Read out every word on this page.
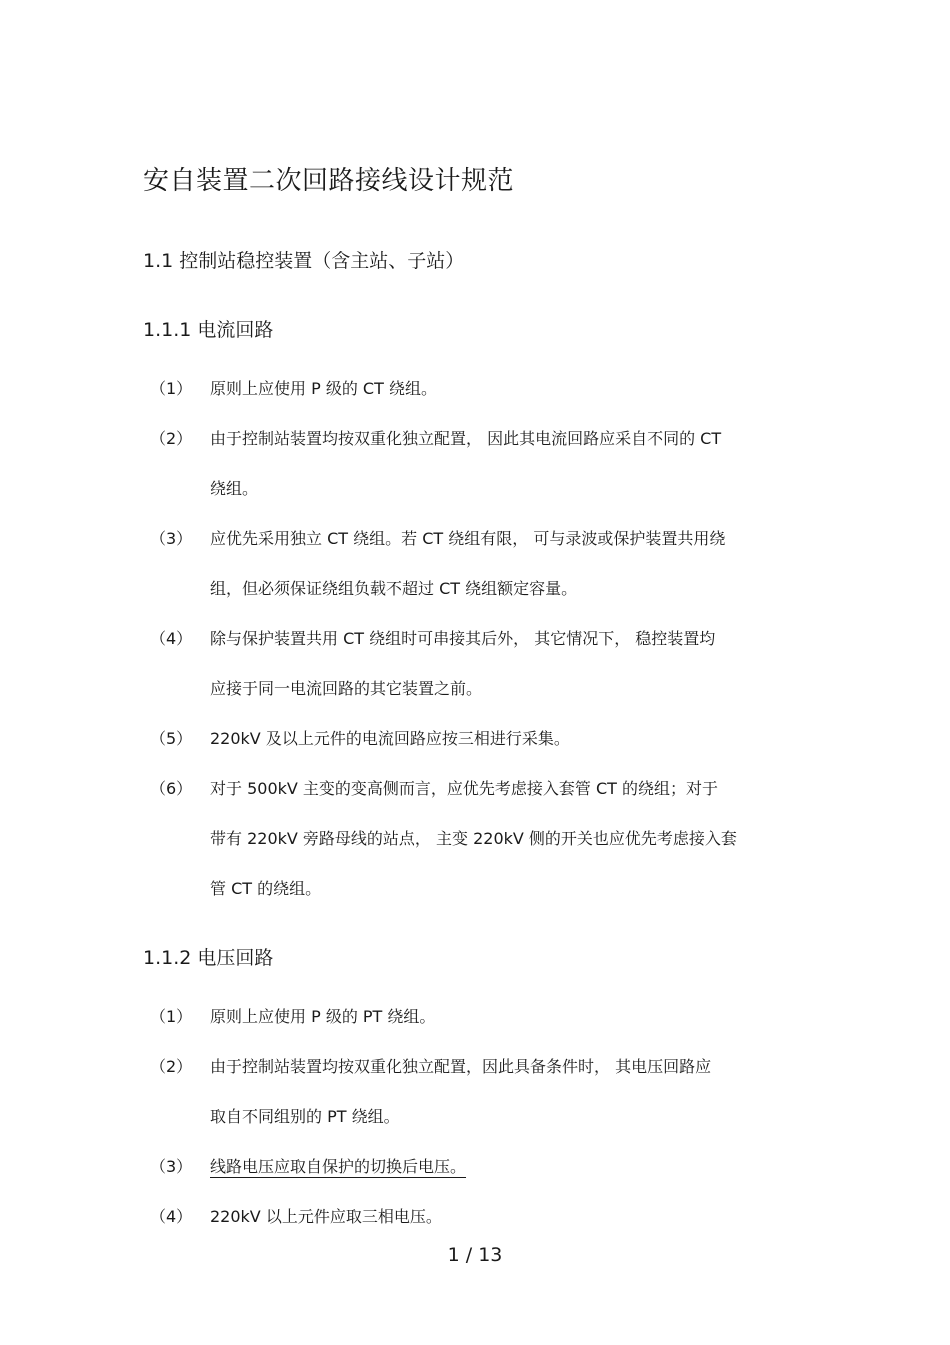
安自装置二次回路接线设计规范
1.1 控制站稳控装置（含主站、子站）
1.1.1 电流回路
（1） 原则上应使用 P 级的 CT 绕组。
（2） 由于控制站装置均按双重化独立配置， 因此其电流回路应采自不同的 CT
绕组。
（3） 应优先采用独立 CT 绕组。若 CT 绕组有限， 可与录波或保护装置共用绕
组，但必须保证绕组负载不超过 CT 绕组额定容量。
（4） 除与保护装置共用 CT 绕组时可串接其后外， 其它情况下， 稳控装置均
应接于同一电流回路的其它装置之前。
（5） 220kV 及以上元件的电流回路应按三相进行采集。
（6） 对于 500kV 主变的变高侧而言，应优先考虑接入套管 CT 的绕组；对于
带有 220kV 旁路母线的站点， 主变 220kV 侧的开关也应优先考虑接入套
管 CT 的绕组。
1.1.2 电压回路
（1） 原则上应使用 P 级的 PT 绕组。
（2） 由于控制站装置均按双重化独立配置，因此具备条件时， 其电压回路应
取自不同组别的 PT 绕组。
（3） 线路电压应取自保护的切换后电压。
（4） 220kV 以上元件应取三相电压。
1 / 13
